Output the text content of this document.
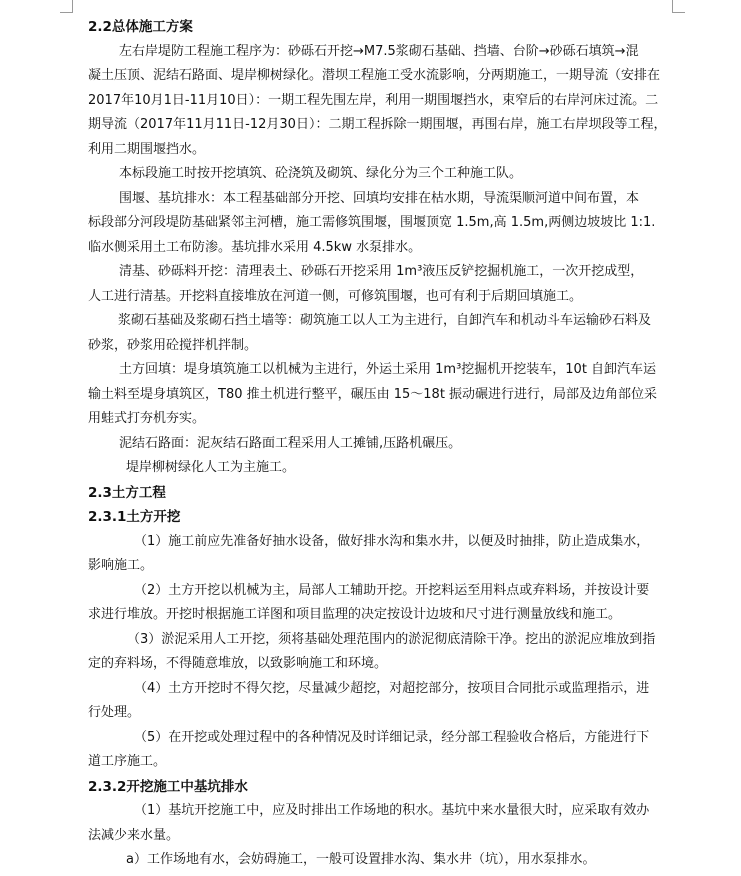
2.2总体施工方案
左右岸堤防工程施工程序为：砂砾石开挖→M7.5浆砌石基础、挡墙、台阶→砂砾石填筑→混
凝土压顶、泥结石路面、堤岸柳树绿化。潜坝工程施工受水流影响，分两期施工，一期导流（安排在
2017年10月1日-11月10日）：一期工程先围左岸，利用一期围堰挡水，束窄后的右岸河床过流。二
期导流（2017年11月11日-12月30日）：二期工程拆除一期围堰，再围右岸，施工右岸坝段等工程，
利用二期围堰挡水。
本标段施工时按开挖填筑、砼浇筑及砌筑、绿化分为三个工种施工队。
围堰、基坑排水：本工程基础部分开挖、回填均安排在枯水期，导流渠顺河道中间布置，本
标段部分河段堤防基础紧邻主河槽，施工需修筑围堰，围堰顶宽 1.5m,高 1.5m,两侧边坡坡比 1:1.
临水侧采用土工布防渗。基坑排水采用 4.5kw 水泵排水。
清基、砂砾料开挖：清理表土、砂砾石开挖采用 1m³液压反铲挖掘机施工，一次开挖成型，
人工进行清基。开挖料直接堆放在河道一侧，可修筑围堰，也可有利于后期回填施工。
浆砌石基础及浆砌石挡土墙等：砌筑施工以人工为主进行，自卸汽车和机动斗车运输砂石料及
砂浆，砂浆用砼搅拌机拌制。
土方回填：堤身填筑施工以机械为主进行，外运土采用 1m³挖掘机开挖装车，10t 自卸汽车运
输土料至堤身填筑区，T80 推土机进行整平，碾压由 15～18t 振动碾进行进行，局部及边角部位采
用蛙式打夯机夯实。
泥结石路面：泥灰结石路面工程采用人工摊铺,压路机碾压。
堤岸柳树绿化人工为主施工。
2.3土方工程
2.3.1土方开挖
（1）施工前应先准备好抽水设备，做好排水沟和集水井，以便及时抽排，防止造成集水，
影响施工。
（2）土方开挖以机械为主，局部人工辅助开挖。开挖料运至用料点或弃料场，并按设计要
求进行堆放。开挖时根据施工详图和项目监理的决定按设计边坡和尺寸进行测量放线和施工。
（3）淤泥采用人工开挖，须将基础处理范围内的淤泥彻底清除干净。挖出的淤泥应堆放到指
定的弃料场，不得随意堆放，以致影响施工和环境。
（4）土方开挖时不得欠挖，尽量减少超挖，对超挖部分，按项目合同批示或监理指示，进
行处理。
（5）在开挖或处理过程中的各种情况及时详细记录，经分部工程验收合格后，方能进行下
道工序施工。
2.3.2开挖施工中基坑排水
（1）基坑开挖施工中，应及时排出工作场地的积水。基坑中来水量很大时，应采取有效办
法减少来水量。
a）工作场地有水，会妨碍施工，一般可设置排水沟、集水井（坑），用水泵排水。
